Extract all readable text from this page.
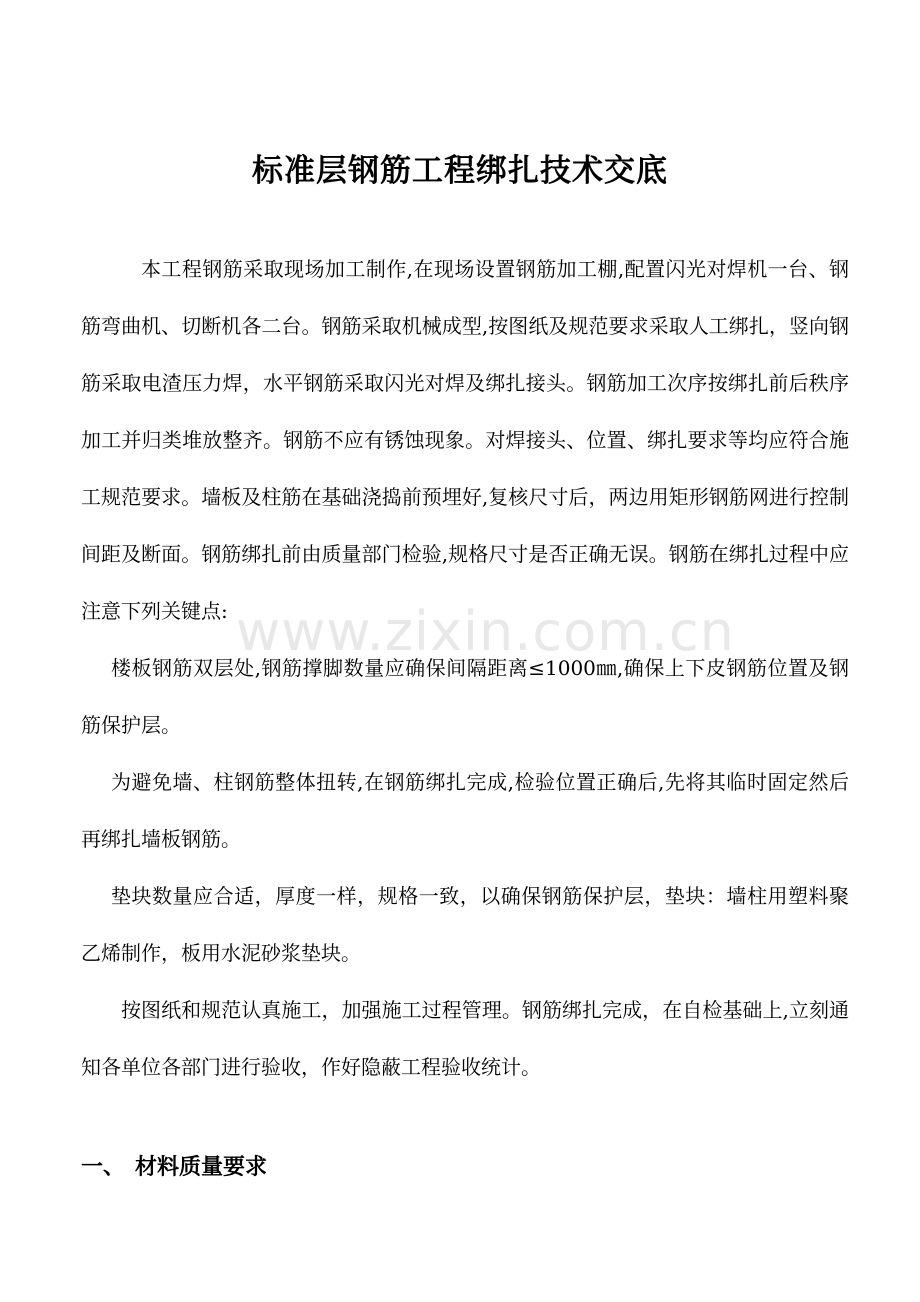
www.zixin.com.cn
标准层钢筋工程绑扎技术交底
本工程钢筋采取现场加工制作,在现场设置钢筋加工棚,配置闪光对焊机一台、钢筋弯曲机、切断机各二台。钢筋采取机械成型,按图纸及规范要求采取人工绑扎，竖向钢筋采取电渣压力焊，水平钢筋采取闪光对焊及绑扎接头。钢筋加工次序按绑扎前后秩序加工并归类堆放整齐。钢筋不应有锈蚀现象。对焊接头、位置、绑扎要求等均应符合施工规范要求。墙板及柱筋在基础浇捣前预埋好,复核尺寸后，两边用矩形钢筋网进行控制间距及断面。钢筋绑扎前由质量部门检验,规格尺寸是否正确无误。钢筋在绑扎过程中应注意下列关键点:
楼板钢筋双层处,钢筋撑脚数量应确保间隔距离≤1000㎜,确保上下皮钢筋位置及钢筋保护层。
为避免墙、柱钢筋整体扭转,在钢筋绑扎完成,检验位置正确后,先将其临时固定然后再绑扎墙板钢筋。
垫块数量应合适，厚度一样，规格一致，以确保钢筋保护层，垫块：墙柱用塑料聚乙烯制作，板用水泥砂浆垫块。
按图纸和规范认真施工，加强施工过程管理。钢筋绑扎完成，在自检基础上,立刻通知各单位各部门进行验收，作好隐蔽工程验收统计。
一、 材料质量要求
